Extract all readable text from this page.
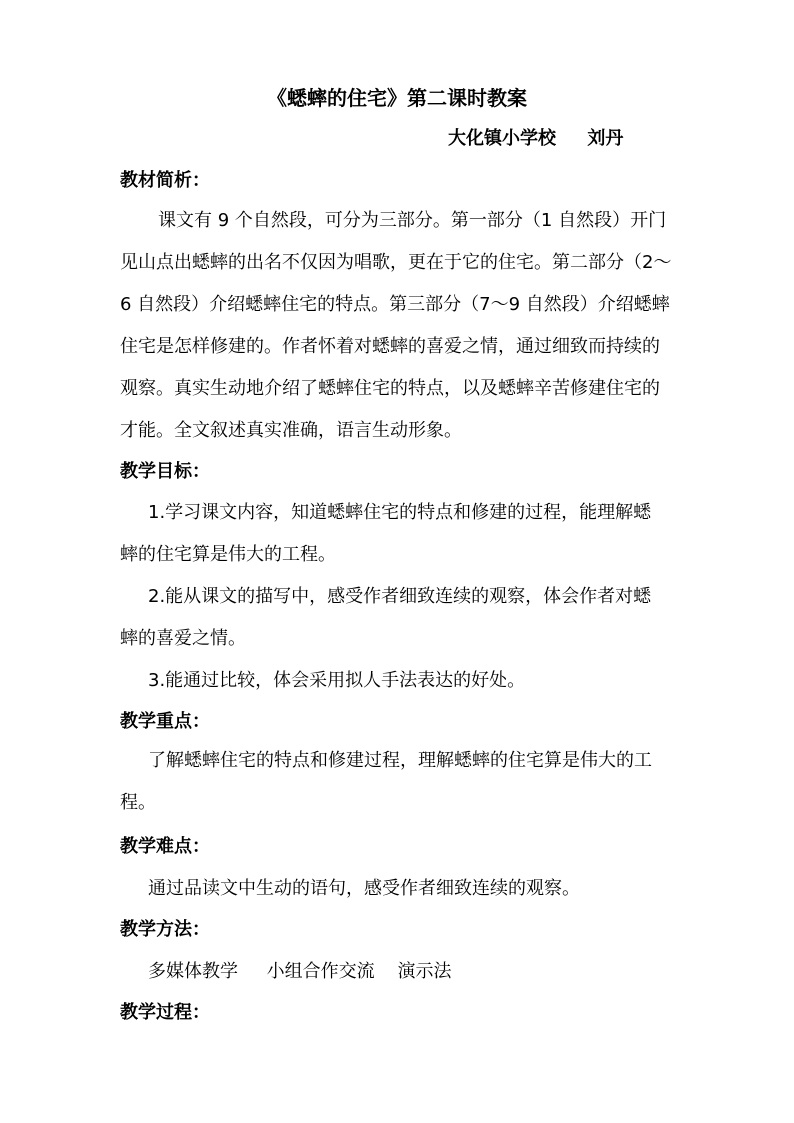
《蟋蟀的住宅》第二课时教案
大化镇小学校     刘丹
教材简析：
课文有 9 个自然段，可分为三部分。第一部分（1 自然段）开门
见山点出蟋蟀的出名不仅因为唱歌，更在于它的住宅。第二部分（2～
6 自然段）介绍蟋蟀住宅的特点。第三部分（7～9 自然段）介绍蟋蟀
住宅是怎样修建的。作者怀着对蟋蟀的喜爱之情，通过细致而持续的
观察。真实生动地介绍了蟋蟀住宅的特点，以及蟋蟀辛苦修建住宅的
才能。全文叙述真实准确，语言生动形象。
教学目标：
1.学习课文内容，知道蟋蟀住宅的特点和修建的过程，能理解蟋
蟀的住宅算是伟大的工程。
2.能从课文的描写中，感受作者细致连续的观察，体会作者对蟋
蟀的喜爱之情。
3.能通过比较，体会采用拟人手法表达的好处。
教学重点：
了解蟋蟀住宅的特点和修建过程，理解蟋蟀的住宅算是伟大的工
程。
教学难点：
通过品读文中生动的语句，感受作者细致连续的观察。
教学方法：
多媒体教学     小组合作交流    演示法
教学过程：
